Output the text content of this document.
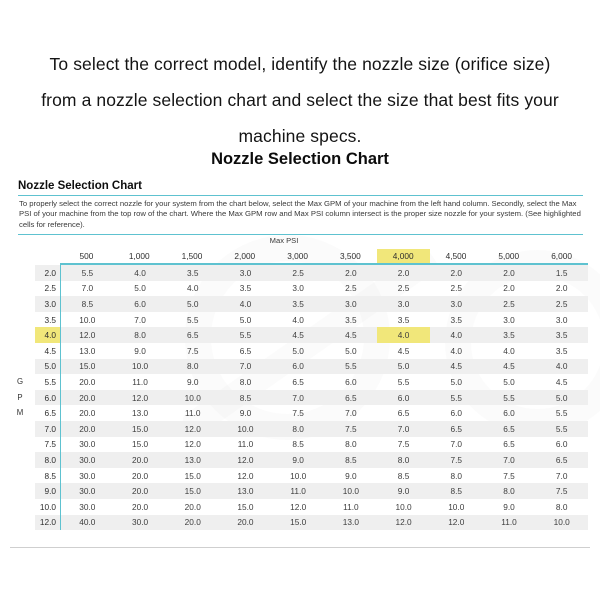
To select the correct model, identify the nozzle size (orifice size)
from a nozzle selection chart and select the size that best fits your
machine specs.
Nozzle Selection Chart
Nozzle Selection Chart
To properly select the correct nozzle for your system from the chart below, select the Max GPM of your machine from the left hand column. Secondly, select the Max PSI of your machine from the top row of the chart. Where the Max GPM row and Max PSI column intersect is the proper size nozzle for your system. (See highlighted cells for reference).
Max PSI
500	1,000	1,500	2,000	3,000	3,500	4,000	4,500	5,000	6,000
2.0	5.5	4.0	3.5	3.0	2.5	2.0	2.0	2.0	2.0	1.5
2.5	7.0	5.0	4.0	3.5	3.0	2.5	2.5	2.5	2.0	2.0
3.0	8.5	6.0	5.0	4.0	3.5	3.0	3.0	3.0	2.5	2.5
3.5	10.0	7.0	5.5	5.0	4.0	3.5	3.5	3.5	3.0	3.0
4.0	12.0	8.0	6.5	5.5	4.5	4.5	4.0	4.0	3.5	3.5
4.5	13.0	9.0	7.5	6.5	5.0	5.0	4.5	4.0	4.0	3.5
5.0	15.0	10.0	8.0	7.0	6.0	5.5	5.0	4.5	4.5	4.0
5.5	20.0	11.0	9.0	8.0	6.5	6.0	5.5	5.0	5.0	4.5
6.0	20.0	12.0	10.0	8.5	7.0	6.5	6.0	5.5	5.5	5.0
6.5	20.0	13.0	11.0	9.0	7.5	7.0	6.5	6.0	6.0	5.5
7.0	20.0	15.0	12.0	10.0	8.0	7.5	7.0	6.5	6.5	5.5
7.5	30.0	15.0	12.0	11.0	8.5	8.0	7.5	7.0	6.5	6.0
8.0	30.0	20.0	13.0	12.0	9.0	8.5	8.0	7.5	7.0	6.5
8.5	30.0	20.0	15.0	12.0	10.0	9.0	8.5	8.0	7.5	7.0
9.0	30.0	20.0	15.0	13.0	11.0	10.0	9.0	8.5	8.0	7.5
10.0	30.0	20.0	20.0	15.0	12.0	11.0	10.0	10.0	9.0	8.0
12.0	40.0	30.0	20.0	20.0	15.0	13.0	12.0	12.0	11.0	10.0
G
P
M
